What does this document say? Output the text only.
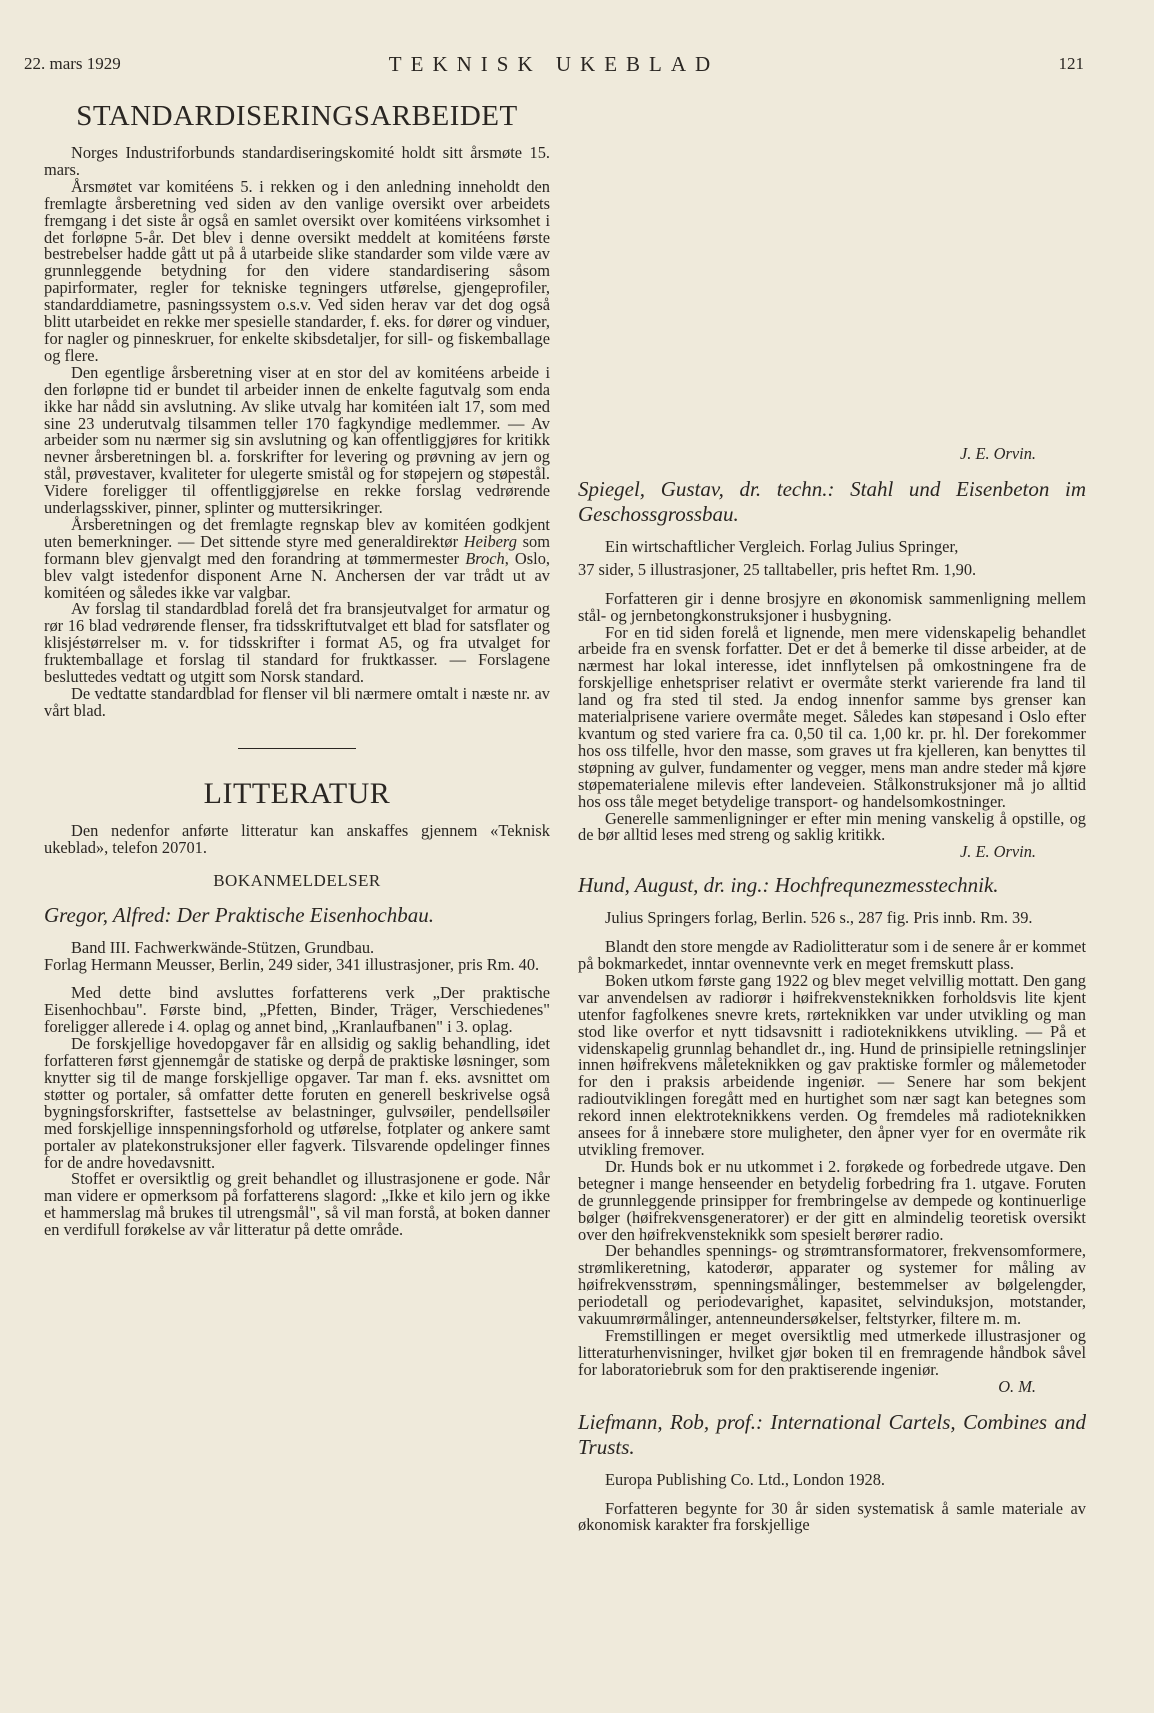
22. mars 1929	TEKNISK UKEBLAD	121
STANDARDISERINGSARBEIDET

Norges Industriforbunds standardiseringskomité holdt sitt årsmøte 15. mars.

Årsmøtet var komitéens 5. i rekken og i den anledning inneholdt den fremlagte årsberetning ved siden av den vanlige oversikt over arbeidets fremgang i det siste år også en samlet oversikt over komitéens virksomhet i det forløpne 5-år. Det blev i denne oversikt meddelt at komitéens første bestrebelser hadde gått ut på å utarbeide slike standarder som vilde være av grunnleggende betydning for den videre standardisering såsom papirformater, regler for tekniske tegningers utførelse, gjengeprofiler, standarddiametre, pasningssystem o.s.v. Ved siden herav var det dog også blitt utarbeidet en rekke mer spesielle standarder, f. eks. for dører og vinduer, for nagler og pinneskruer, for enkelte skibsdetaljer, for sill- og fiskemballage og flere.

Den egentlige årsberetning viser at en stor del av komitéens arbeide i den forløpne tid er bundet til arbeider innen de enkelte fagutvalg som enda ikke har nådd sin avslutning. Av slike utvalg har komitéen ialt 17, som med sine 23 underutvalg tilsammen teller 170 fagkyndige medlemmer. — Av arbeider som nu nærmer sig sin avslutning og kan offentliggjøres for kritikk nevner årsberetningen bl. a. forskrifter for levering og prøvning av jern og stål, prøvestaver, kvaliteter for ulegerte smistål og for støpejern og støpestål. Videre foreligger til offentliggjørelse en rekke forslag vedrørende underlagsskiver, pinner, splinter og muttersikringer.

Årsberetningen og det fremlagte regnskap blev av komitéen godkjent uten bemerkninger. — Det sittende styre med generaldirektør Heiberg som formann blev gjenvalgt med den forandring at tømmermester Broch, Oslo, blev valgt istedenfor disponent Arne N. Anchersen der var trådt ut av komitéen og således ikke var valgbar.

Av forslag til standardblad forelå det fra bransjeutvalget for armatur og rør 16 blad vedrørende flenser, fra tidsskriftutvalget ett blad for satsflater og klisjéstørrelser m. v. for tidsskrifter i format A5, og fra utvalget for fruktemballage et forslag til standard for fruktkasser. — Forslagene besluttedes vedtatt og utgitt som Norsk standard.

De vedtatte standardblad for flenser vil bli nærmere omtalt i næste nr. av vårt blad.

LITTERATUR

Den nedenfor anførte litteratur kan anskaffes gjennem «Teknisk ukeblad», telefon 20701.

BOKANMELDELSER
Gregor, Alfred: Der Praktische Eisenhochbau.

Band III. Fachwerkwände-Stützen, Grundbau.

Forlag Hermann Meusser, Berlin, 249 sider, 341 illustrasjoner, pris Rm. 40.

Med dette bind avsluttes forfatterens verk „Der praktische Eisenhochbau". Første bind, „Pfetten, Binder, Träger, Verschiedenes" foreligger allerede i 4. oplag og annet bind, „Kranlaufbanen" i 3. oplag.

De forskjellige hovedopgaver får en allsidig og saklig behandling, idet forfatteren først gjennemgår de statiske og derpå de praktiske løsninger, som knytter sig til de mange forskjellige opgaver. Tar man f. eks. avsnittet om støtter og portaler, så omfatter dette foruten en generell beskrivelse også bygningsforskrifter, fastsettelse av belastninger, gulvsøiler, pendellsøiler med forskjellige innspenningsforhold og utførelse, fotplater og ankere samt portaler av platekonstruksjoner eller fagverk. Tilsvarende opdelinger finnes for de andre hovedavsnitt.

Stoffet er oversiktlig og greit behandlet og illustrasjonene er gode. Når man videre er opmerksom på forfatterens slagord: „Ikke et kilo jern og ikke et hammerslag må brukes til utrengsmål", så vil man forstå, at boken danner en verdifull forøkelse av vår litteratur på dette område.

J. E. Orvin.

Spiegel, Gustav, dr. techn.: Stahl und Eisenbeton im Geschossgrossbau.

Ein wirtschaftlicher Vergleich. Forlag Julius Springer,

37 sider, 5 illustrasjoner, 25 talltabeller, pris heftet Rm. 1,90.

Forfatteren gir i denne brosjyre en økonomisk sammenligning mellem stål- og jernbetongkonstruksjoner i husbygning.

For en tid siden forelå et lignende, men mere videnskapelig behandlet arbeide fra en svensk forfatter. Det er det å bemerke til disse arbeider, at de nærmest har lokal interesse, idet innflytelsen på omkostningene fra de forskjellige enhetspriser relativt er overmåte sterkt varierende fra land til land og fra sted til sted. Ja endog innenfor samme bys grenser kan materialprisene variere overmåte meget. Således kan støpesand i Oslo efter kvantum og sted variere fra ca. 0,50 til ca. 1,00 kr. pr. hl. Der forekommer hos oss tilfelle, hvor den masse, som graves ut fra kjelleren, kan benyttes til støpning av gulver, fundamenter og vegger, mens man andre steder må kjøre støpematerialene milevis efter landeveien. Stålkonstruksjoner må jo alltid hos oss tåle meget betydelige transport- og handelsomkostninger.

Generelle sammenligninger er efter min mening vanskelig å opstille, og de bør alltid leses med streng og saklig kritikk.

J. E. Orvin.

Hund, August, dr. ing.: Hochfrequnezmesstechnik.

Julius Springers forlag, Berlin. 526 s., 287 fig. Pris innb. Rm. 39.

Blandt den store mengde av Radiolitteratur som i de senere år er kommet på bokmarkedet, inntar ovennevnte verk en meget fremskutt plass.

Boken utkom første gang 1922 og blev meget velvillig mottatt. Den gang var anvendelsen av radiorør i høifrekvensteknikken forholdsvis lite kjent utenfor fagfolkenes snevre krets, rørteknikken var under utvikling og man stod like overfor et nytt tidsavsnitt i radioteknikkens utvikling. — På et videnskapelig grunnlag behandlet dr., ing. Hund de prinsipielle retningslinjer innen høifrekvens måleteknikken og gav praktiske formler og målemetoder for den i praksis arbeidende ingeniør. — Senere har som bekjent radioutviklingen foregått med en hurtighet som nær sagt kan betegnes som rekord innen elektroteknikkens verden. Og fremdeles må radioteknikken ansees for å innebære store muligheter, den åpner vyer for en overmåte rik utvikling fremover.

Dr. Hunds bok er nu utkommet i 2. forøkede og forbedrede utgave. Den betegner i mange henseender en betydelig forbedring fra 1. utgave. Foruten de grunnleggende prinsipper for frembringelse av dempede og kontinuerlige bølger (høifrekvensgeneratorer) er der gitt en almindelig teoretisk oversikt over den høifrekvensteknikk som spesielt berører radio.

Der behandles spennings- og strømtransformatorer, frekvensomformere, strømlikeretning, katoderør, apparater og systemer for måling av høifrekvensstrøm, spenningsmålinger, bestemmelser av bølgelengder, periodetall og periodevarighet, kapasitet, selvinduksjon, motstander, vakuumrørmålinger, antenneundersøkelser, feltstyrker, filtere m. m.

Fremstillingen er meget oversiktlig med utmerkede illustrasjoner og litteraturhenvisninger, hvilket gjør boken til en fremragende håndbok såvel for laboratoriebruk som for den praktiserende ingeniør.

O. M.

Liefmann, Rob, prof.: International Cartels, Combines and Trusts.

Europa Publishing Co. Ltd., London 1928.

Forfatteren begynte for 30 år siden systematisk å samle materiale av økonomisk karakter fra forskjellige
